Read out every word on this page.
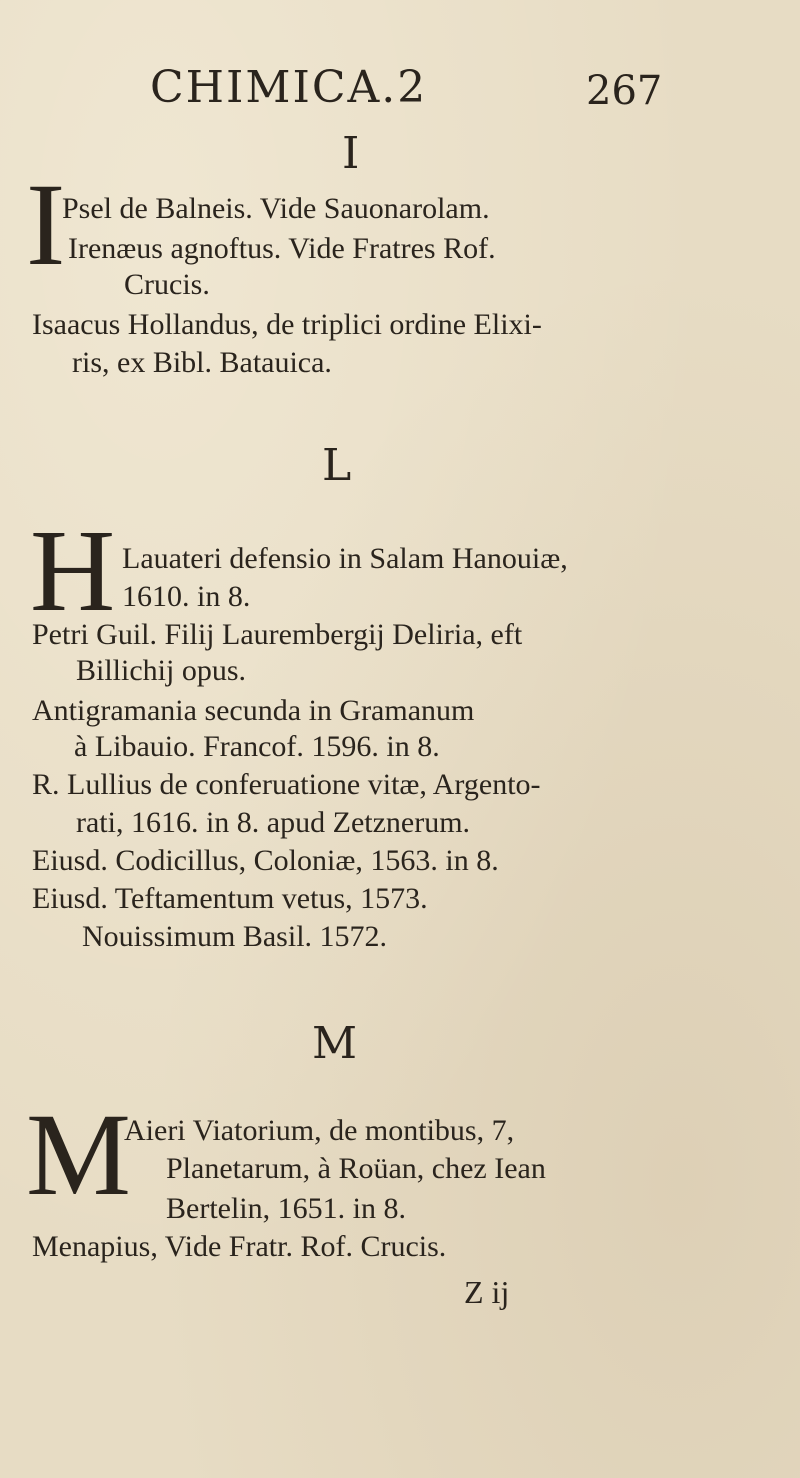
CHIMICA.2	267
I
I
Psel de Balneis. Vide Sauonarolam.
Irenæus agnoftus. Vide Fratres Rof.
Crucis.
Isaacus Hollandus, de triplici ordine Elixi-
ris, ex Bibl. Batauica.
L
H Lauateri defensio in Salam Hanouiæ,
1610. in 8.
Petri Guil. Filij Laurembergij Deliria, eft
Billichij opus.
Antigramania secunda in Gramanum
à Libauio. Francof. 1596. in 8.
R. Lullius de conferuatione vitæ, Argento-
rati, 1616. in 8. apud Zetznerum.
Eiusd. Codicillus, Coloniæ, 1563. in 8.
Eiusd. Teftamentum vetus, 1573.
Nouissimum Basil. 1572.
M
M
Aieri Viatorium, de montibus, 7,
Planetarum, à Roüan, chez Iean
Bertelin, 1651. in 8.
Menapius, Vide Fratr. Rof. Crucis.
Z ij
